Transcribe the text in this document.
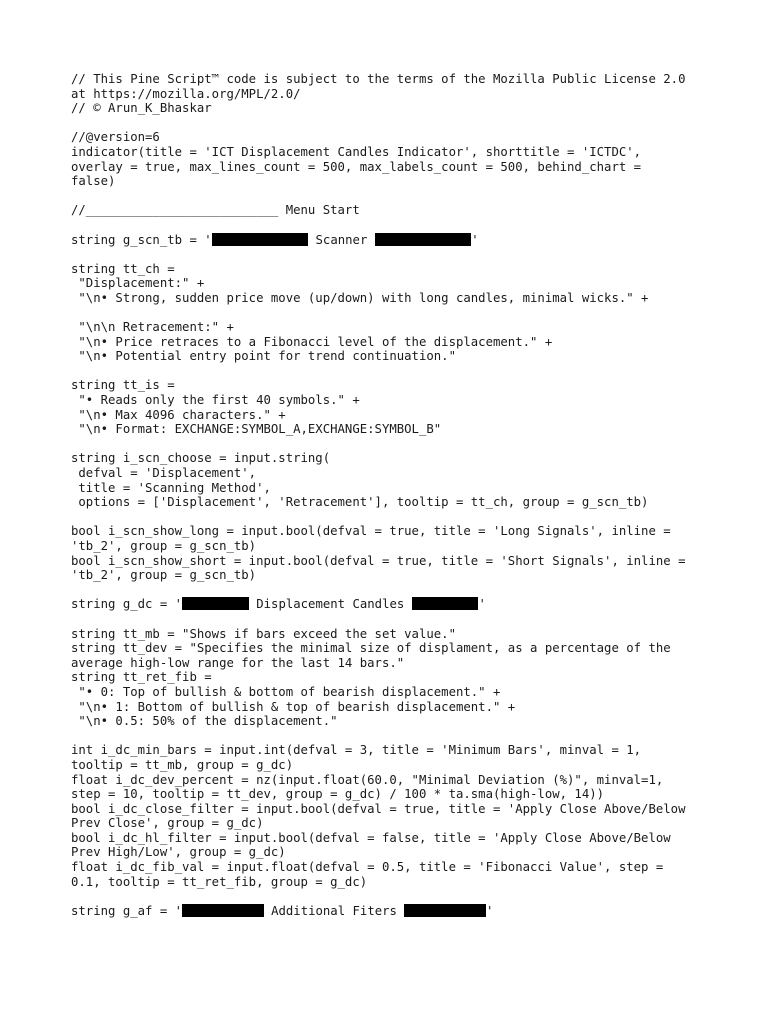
// This Pine Script™ code is subject to the terms of the Mozilla Public License 2.0
at https://mozilla.org/MPL/2.0/
// © Arun_K_Bhaskar
//@version=6
indicator(title = 'ICT Displacement Candles Indicator', shorttitle = 'ICTDC',
overlay = true, max_lines_count = 500, max_labels_count = 500, behind_chart =
false)
//__________________________ Menu Start
string g_scn_tb = '	Scanner	'
string tt_ch =
"Displacement:" +
"\n• Strong, sudden price move (up/down) with long candles, minimal wicks." +
"\n\n Retracement:" +
"\n• Price retraces to a Fibonacci level of the displacement." +
"\n• Potential entry point for trend continuation."
string tt_is =
"• Reads only the first 40 symbols." +
"\n• Max 4096 characters." +
"\n• Format: EXCHANGE:SYMBOL_A,EXCHANGE:SYMBOL_B"
string i_scn_choose = input.string(
defval = 'Displacement',
title = 'Scanning Method',
options = ['Displacement', 'Retracement'], tooltip = tt_ch, group = g_scn_tb)
bool i_scn_show_long = input.bool(defval = true, title = 'Long Signals', inline =
'tb_2', group = g_scn_tb)
bool i_scn_show_short = input.bool(defval = true, title = 'Short Signals', inline =
'tb_2', group = g_scn_tb)
string g_dc = '	Displacement Candles	'
string tt_mb = "Shows if bars exceed the set value."
string tt_dev = "Specifies the minimal size of displament, as a percentage of the
average high-low range for the last 14 bars."
string tt_ret_fib =
"• 0: Top of bullish & bottom of bearish displacement." +
"\n• 1: Bottom of bullish & top of bearish displacement." +
"\n• 0.5: 50% of the displacement."
int i_dc_min_bars = input.int(defval = 3, title = 'Minimum Bars', minval = 1,
tooltip = tt_mb, group = g_dc)
float i_dc_dev_percent = nz(input.float(60.0, "Minimal Deviation (%)", minval=1,
step = 10, tooltip = tt_dev, group = g_dc) / 100 * ta.sma(high-low, 14))
bool i_dc_close_filter = input.bool(defval = true, title = 'Apply Close Above/Below
Prev Close', group = g_dc)
bool i_dc_hl_filter = input.bool(defval = false, title = 'Apply Close Above/Below
Prev High/Low', group = g_dc)
float i_dc_fib_val = input.float(defval = 0.5, title = 'Fibonacci Value', step =
0.1, tooltip = tt_ret_fib, group = g_dc)
string g_af = '	Additional Fiters	'
